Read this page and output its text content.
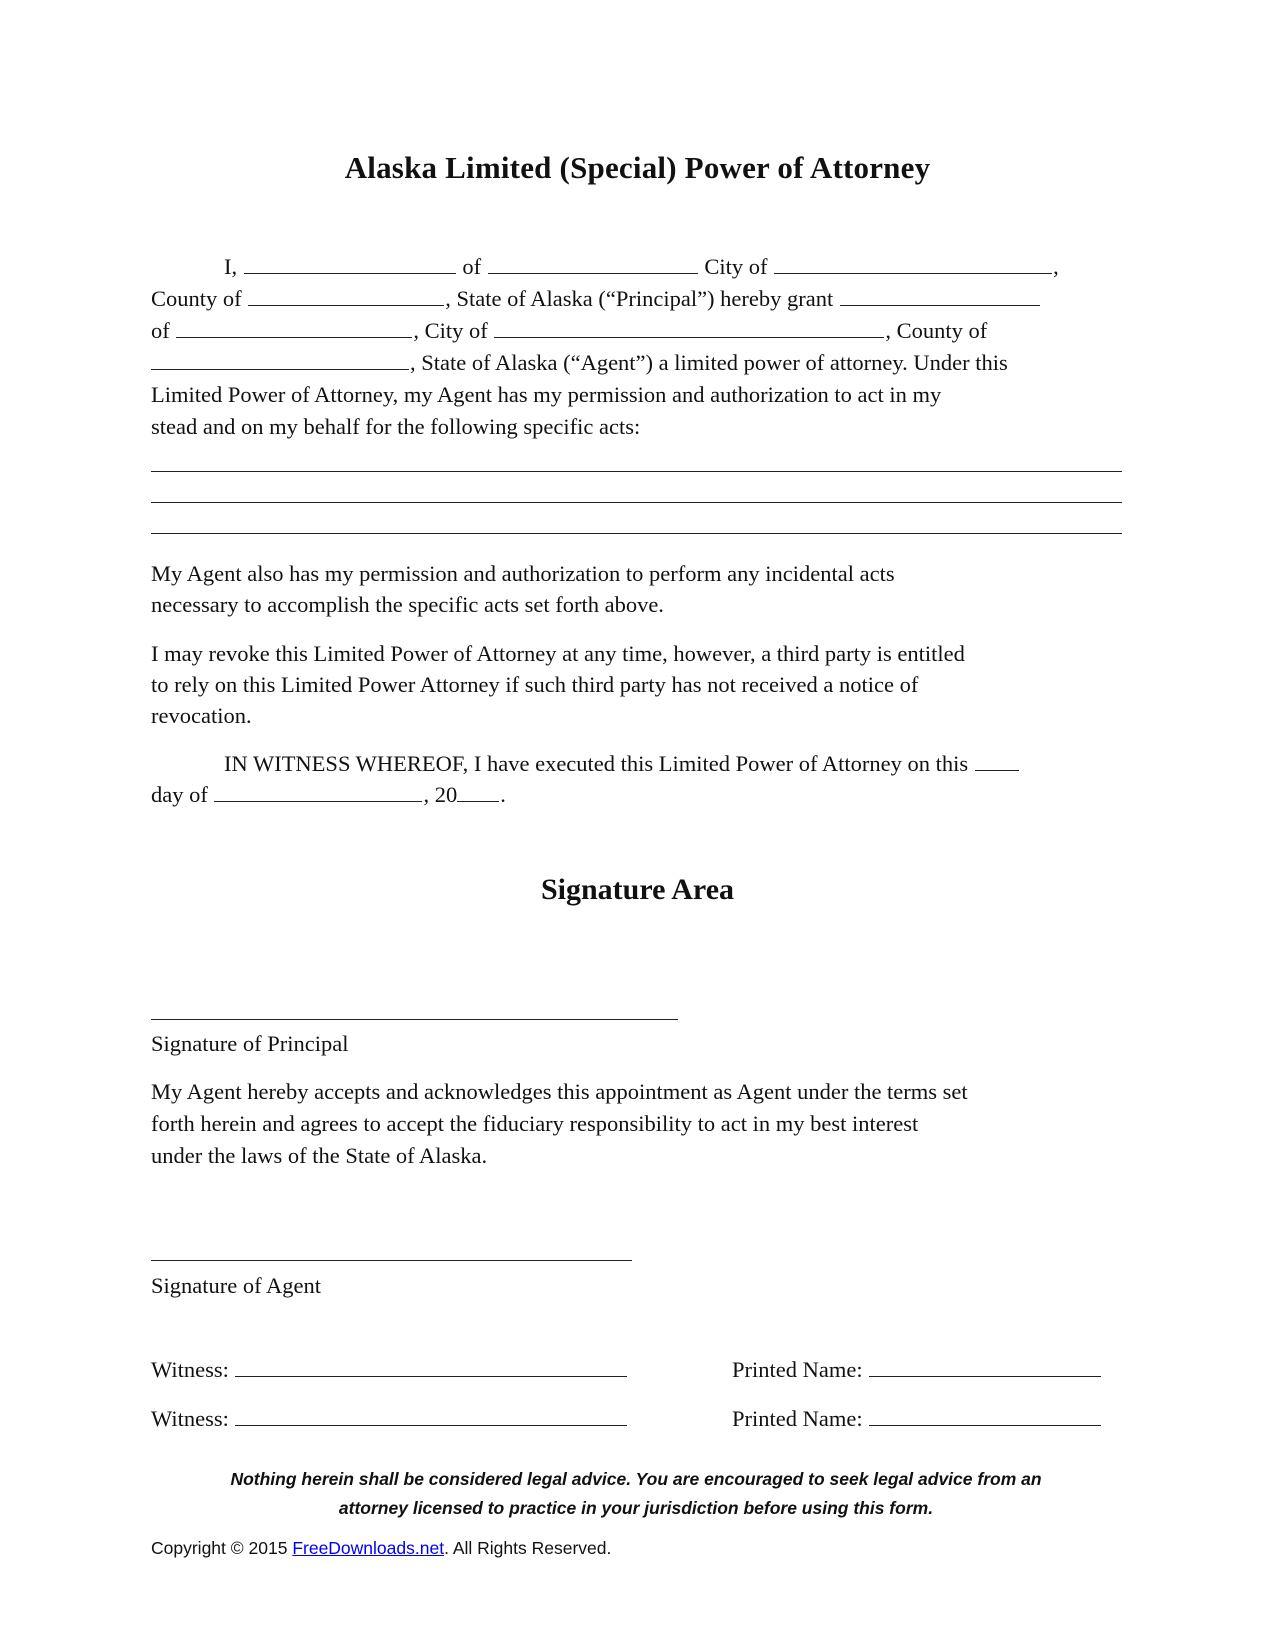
Alaska Limited (Special) Power of Attorney
I,	of	City of	,
County of	, State of Alaska (“Principal”) hereby grant
of	, City of	, County of
, State of Alaska (“Agent”) a limited power of attorney. Under this
Limited Power of Attorney, my Agent has my permission and authorization to act in my
stead and on my behalf for the following specific acts:
My Agent also has my permission and authorization to perform any incidental acts
necessary to accomplish the specific acts set forth above.
I may revoke this Limited Power of Attorney at any time, however, a third party is entitled
to rely on this Limited Power Attorney if such third party has not received a notice of
revocation.
IN WITNESS WHEREOF, I have executed this Limited Power of Attorney on this
day of	, 20 .
Signature Area
Signature of Principal
My Agent hereby accepts and acknowledges this appointment as Agent under the terms set
forth herein and agrees to accept the fiduciary responsibility to act in my best interest
under the laws of the State of Alaska.
Signature of Agent
Witness:	Printed Name:
Witness:	Printed Name:
Nothing herein shall be considered legal advice. You are encouraged to seek legal advice from an
attorney licensed to practice in your jurisdiction before using this form.
Copyright © 2015 FreeDownloads.net. All Rights Reserved.
